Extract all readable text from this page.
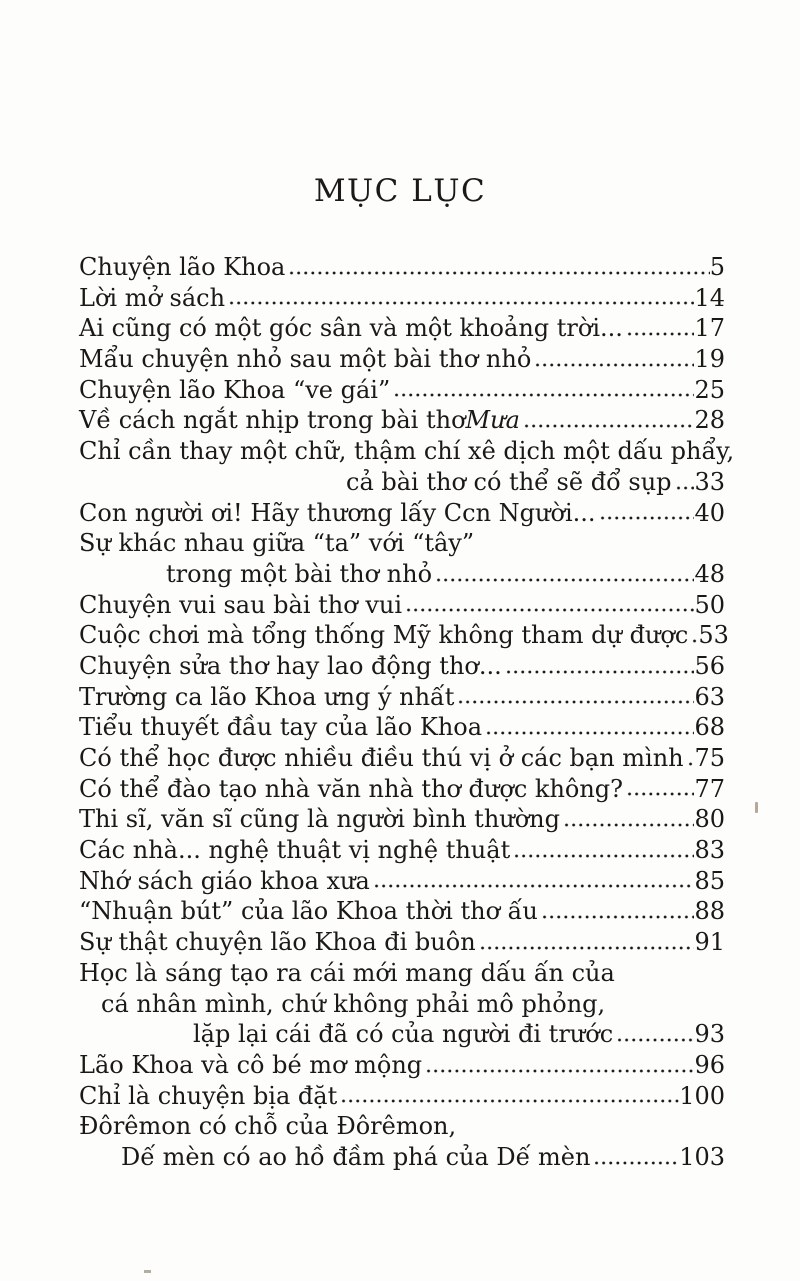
MỤC LỤC
Chuyện lão Khoa	5
Lời mở sách	14
Ai cũng có một góc sân và một khoảng trời...	17
Mẩu chuyện nhỏ sau một bài thơ nhỏ	19
Chuyện lão Khoa “ve gái”	25
Về cách ngắt nhịp trong bài thơ Mưa	28
Chỉ cần thay một chữ, thậm chí xê dịch một dấu phẩy,
cả bài thơ có thể sẽ đổ sụp 33
Con người ơi! Hãy thương lấy Ccn Người...	40
Sự khác nhau giữa “ta” với “tây”
trong một bài thơ nhỏ	48
Chuyện vui sau bài thơ vui	50
Cuộc chơi mà tổng thống Mỹ không tham dự được 53
Chuyện sửa thơ hay lao động thơ...	56
Trường ca lão Khoa ưng ý nhất	63
Tiểu thuyết đầu tay của lão Khoa	68
Có thể học được nhiều điều thú vị ở các bạn mình 75
Có thể đào tạo nhà văn nhà thơ được không?	77
Thi sĩ, văn sĩ cũng là người bình thường	80
Các nhà... nghệ thuật vị nghệ thuật	83
Nhớ sách giáo khoa xưa	85
“Nhuận bút” của lão Khoa thời thơ ấu	88
Sự thật chuyện lão Khoa đi buôn	91
Học là sáng tạo ra cái mới mang dấu ấn của
cá nhân mình, chứ không phải mô phỏng,
lặp lại cái đã có của người đi trước	93
Lão Khoa và cô bé mơ mộng	96
Chỉ là chuyện bịa đặt	100
Đôrêmon có chỗ của Đôrêmon,
Dế mèn có ao hồ đầm phá của Dế mèn	103
